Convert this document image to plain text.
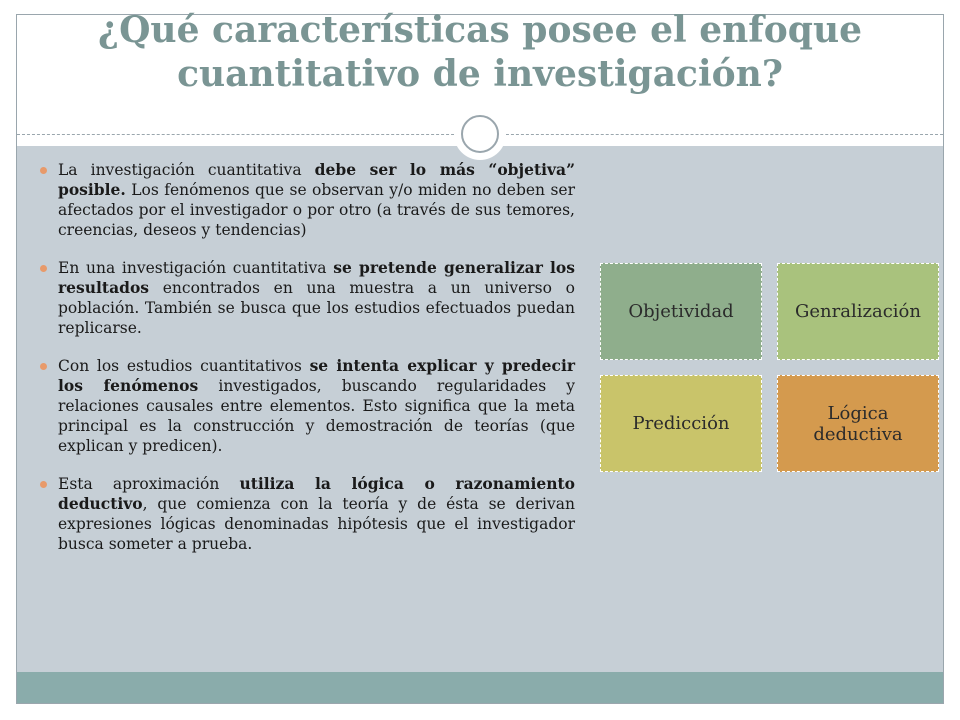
¿Qué características posee el enfoque
cuantitativo de investigación?
La investigación cuantitativa debe ser lo más “objetiva” posible. Los fenómenos que se observan y/o miden no deben ser afectados por el investigador o por otro (a través de sus temores, creencias, deseos y tendencias)
En una investigación cuantitativa se pretende generalizar los resultados encontrados en una muestra a un universo o población. También se busca que los estudios efectuados puedan replicarse.
Con los estudios cuantitativos se intenta explicar y predecir los fenómenos investigados, buscando regularidades y relaciones causales entre elementos. Esto significa que la meta principal es la construcción y demostración de teorías (que explican y predicen).
Esta aproximación utiliza la lógica o razonamiento deductivo, que comienza con la teoría y de ésta se derivan expresiones lógicas denominadas hipótesis que el investigador busca someter a prueba.
Objetividad	Genralización
Predicción	Lógica deductiva
